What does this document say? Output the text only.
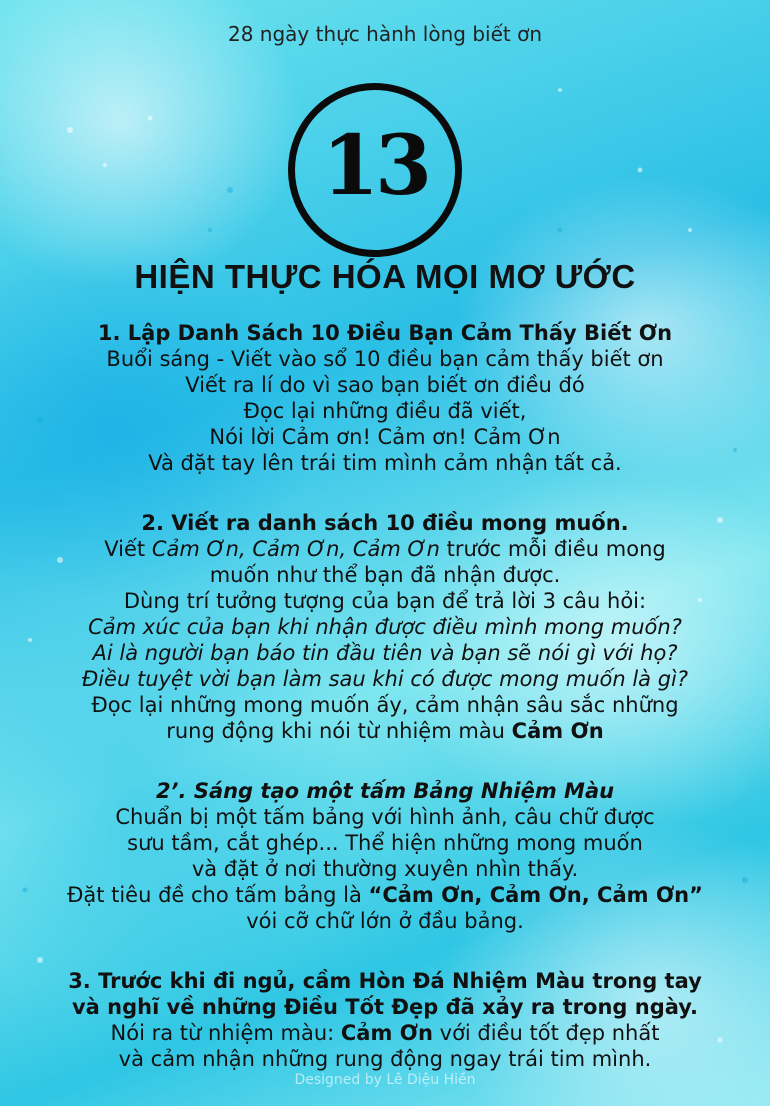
28 ngày thực hành lòng biết ơn
13
HIỆN THỰC HÓA MỌI MƠ ƯỚC
1. Lập Danh Sách 10 Điều Bạn Cảm Thấy Biết Ơn
Buổi sáng - Viết vào sổ 10 điều bạn cảm thấy biết ơn
Viết ra lí do vì sao bạn biết ơn điều đó
Đọc lại những điều đã viết,
Nói lời Cảm ơn! Cảm ơn! Cảm Ơn
Và đặt tay lên trái tim mình cảm nhận tất cả.
2. Viết ra danh sách 10 điều mong muốn.
Viết Cảm Ơn, Cảm Ơn, Cảm Ơn trước mỗi điều mong
muốn như thể bạn đã nhận được.
Dùng trí tưởng tượng của bạn để trả lời 3 câu hỏi:
Cảm xúc của bạn khi nhận được điều mình mong muốn?
Ai là người bạn báo tin đầu tiên và bạn sẽ nói gì với họ?
Điều tuyệt vời bạn làm sau khi có được mong muốn là gì?
Đọc lại những mong muốn ấy, cảm nhận sâu sắc những
rung động khi nói từ nhiệm màu Cảm Ơn
2’. Sáng tạo một tấm Bảng Nhiệm Màu
Chuẩn bị một tấm bảng với hình ảnh, câu chữ được
sưu tầm, cắt ghép... Thể hiện những mong muốn
và đặt ở nơi thường xuyên nhìn thấy.
Đặt tiêu đề cho tấm bảng là “Cảm Ơn, Cảm Ơn, Cảm Ơn”
vói cỡ chữ lớn ở đầu bảng.
3. Trước khi đi ngủ, cầm Hòn Đá Nhiệm Màu trong tay
và nghĩ về những Điều Tốt Đẹp đã xảy ra trong ngày.
Nói ra từ nhiệm màu: Cảm Ơn với điều tốt đẹp nhất
và cảm nhận những rung động ngay trái tim mình.
Designed by Lê Diệu Hiền
